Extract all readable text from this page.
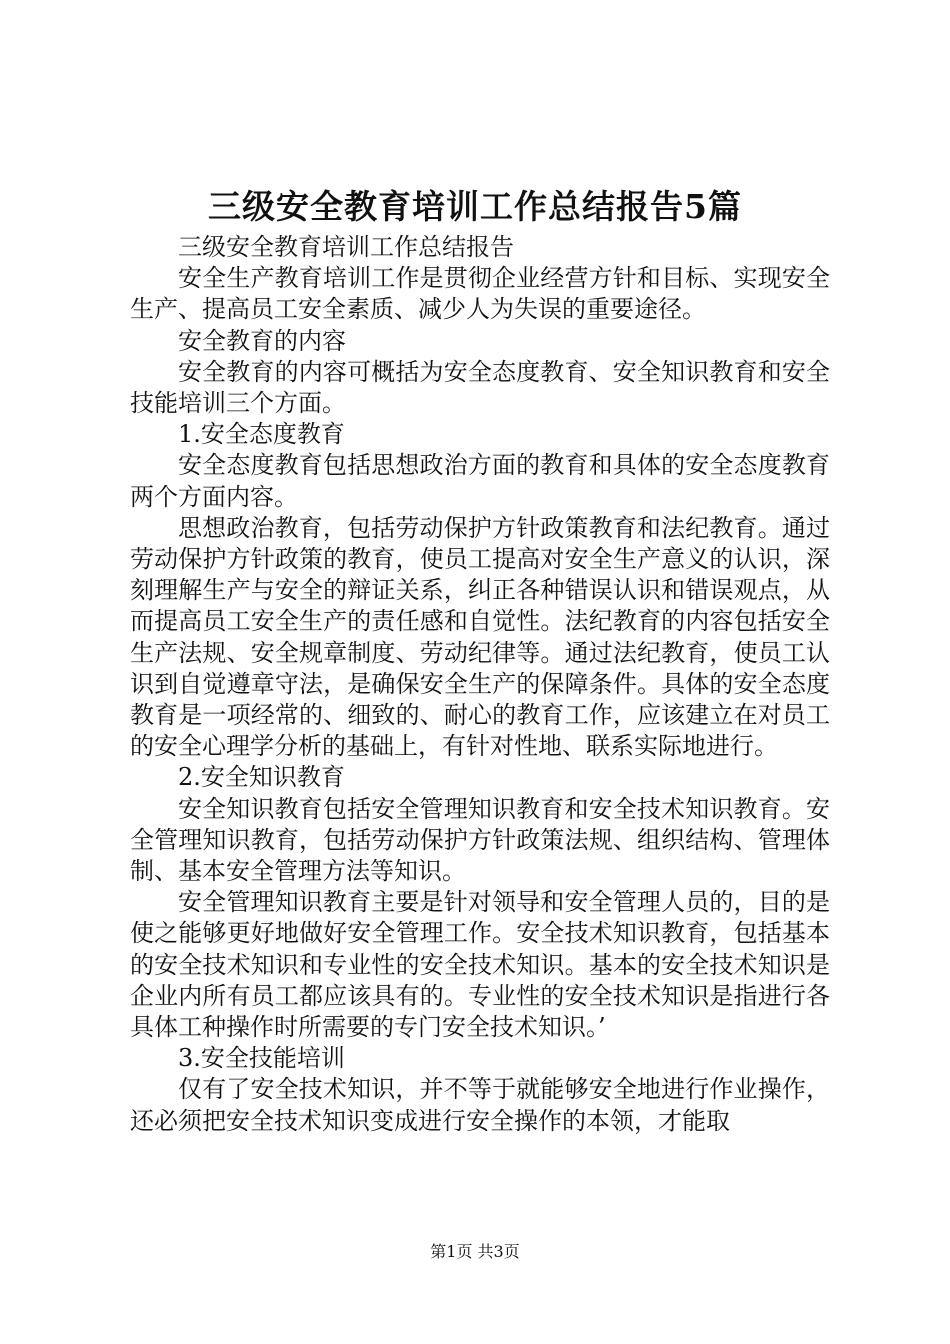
三级安全教育培训工作总结报告5篇

三级安全教育培训工作总结报告

安全生产教育培训工作是贯彻企业经营方针和目标、实现安全生产、提高员工安全素质、减少人为失误的重要途径。

安全教育的内容

安全教育的内容可概括为安全态度教育、安全知识教育和安全技能培训三个方面。

1.安全态度教育

安全态度教育包括思想政治方面的教育和具体的安全态度教育两个方面内容。

思想政治教育，包括劳动保护方针政策教育和法纪教育。通过劳动保护方针政策的教育，使员工提高对安全生产意义的认识，深刻理解生产与安全的辩证关系，纠正各种错误认识和错误观点，从而提高员工安全生产的责任感和自觉性。法纪教育的内容包括安全生产法规、安全规章制度、劳动纪律等。通过法纪教育，使员工认识到自觉遵章守法，是确保安全生产的保障条件。具体的安全态度教育是一项经常的、细致的、耐心的教育工作，应该建立在对员工的安全心理学分析的基础上，有针对性地、联系实际地进行。

2.安全知识教育

安全知识教育包括安全管理知识教育和安全技术知识教育。安全管理知识教育，包括劳动保护方针政策法规、组织结构、管理体制、基本安全管理方法等知识。

安全管理知识教育主要是针对领导和安全管理人员的，目的是使之能够更好地做好安全管理工作。安全技术知识教育，包括基本的安全技术知识和专业性的安全技术知识。基本的安全技术知识是企业内所有员工都应该具有的。专业性的安全技术知识是指进行各具体工种操作时所需要的专门安全技术知识。’

3.安全技能培训

仅有了安全技术知识，并不等于就能够安全地进行作业操作，还必须把安全技术知识变成进行安全操作的本领，才能取

第1页 共3页
